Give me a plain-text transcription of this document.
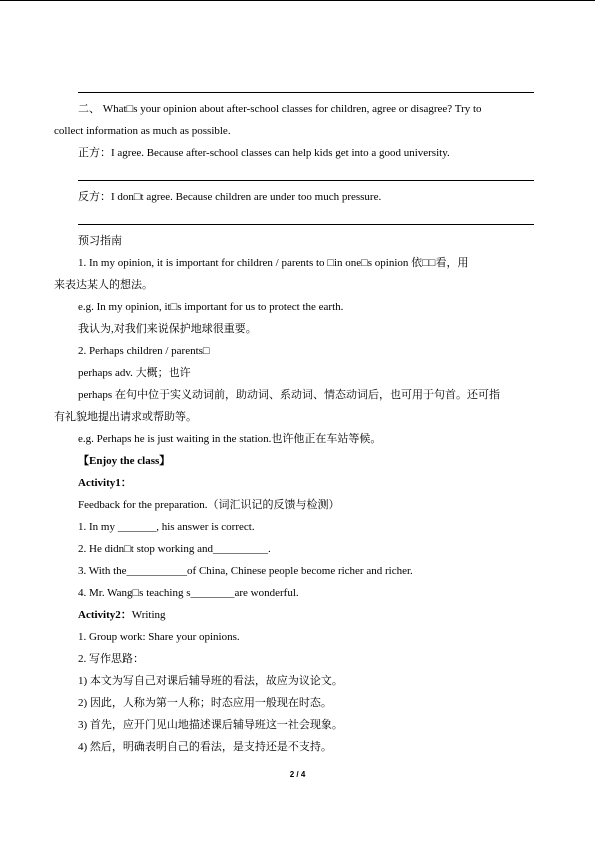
二、 What□s your opinion about after-school classes for children, agree or disagree? Try to
collect information as much as possible.
正方：I agree. Because after-school classes can help kids get into a good university.
反方：I don□t agree. Because children are under too much pressure.
预习指南
1. In my opinion, it is important for children / parents to □in one□s opinion 依□□看，用
来表达某人的想法。
e.g. In my opinion, it□s important for us to protect the earth.
我认为,对我们来说保护地球很重要。
2. Perhaps children / parents□
perhaps adv. 大概；也许
perhaps 在句中位于实义动词前，助动词、系动词、情态动词后，也可用于句首。还可指
有礼貌地提出请求或帮助等。
e.g. Perhaps he is just waiting in the station.也许他正在车站等候。
【Enjoy the class】
Activity1：
Feedback for the preparation.（词汇识记的反馈与检测）
1. In my _______, his answer is correct.
2. He didn□t stop working and__________.
3. With the___________of China, Chinese people become richer and richer.
4. Mr. Wang□s teaching s________are wonderful.
Activity2：Writing
1. Group work: Share your opinions.
2. 写作思路：
1) 本文为写自己对课后辅导班的看法，故应为议论文。
2) 因此，人称为第一人称；时态应用一般现在时态。
3) 首先，应开门见山地描述课后辅导班这一社会现象。
4) 然后，明确表明自己的看法，是支持还是不支持。
2 / 4
